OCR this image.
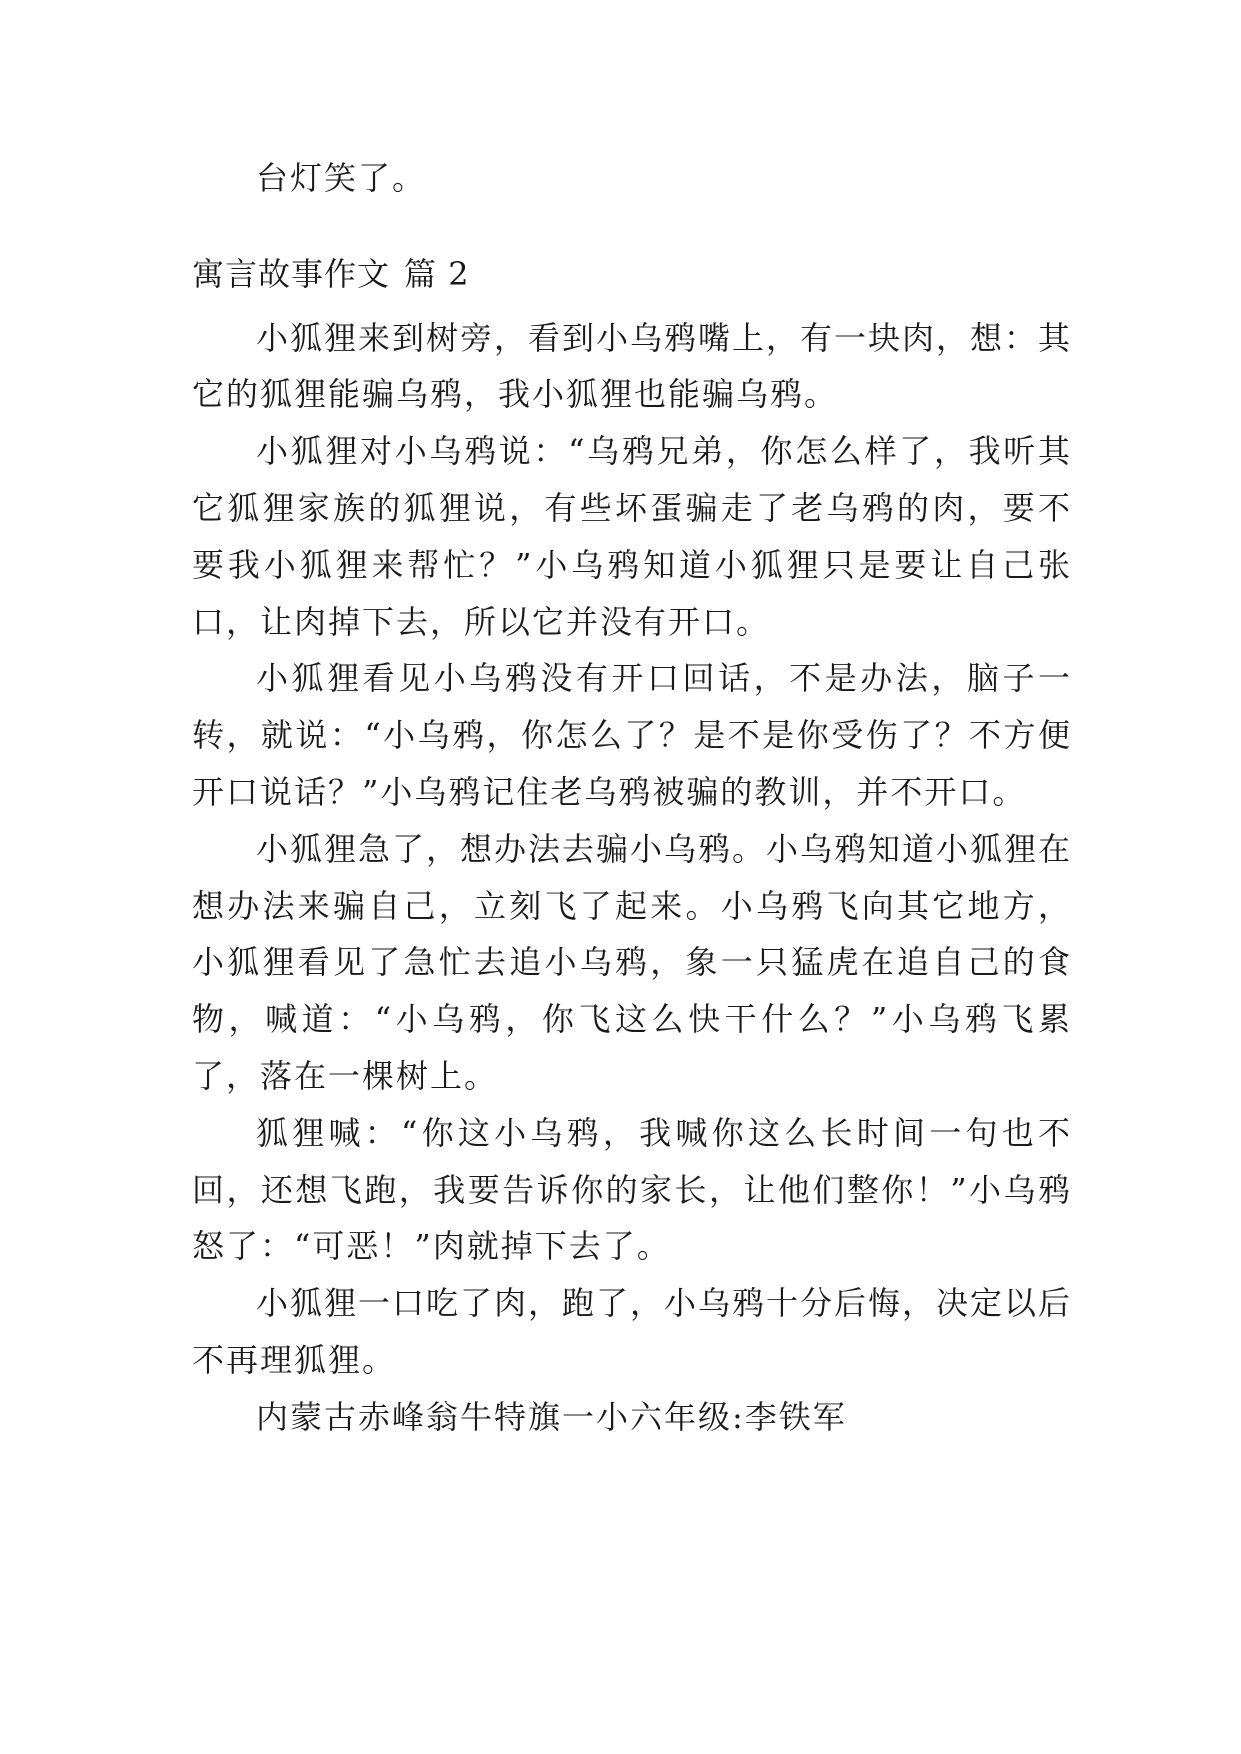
台灯笑了。

寓言故事作文 篇 2

小狐狸来到树旁，看到小乌鸦嘴上，有一块肉，想：其它的狐狸能骗乌鸦，我小狐狸也能骗乌鸦。

小狐狸对小乌鸦说：“乌鸦兄弟，你怎么样了，我听其它狐狸家族的狐狸说，有些坏蛋骗走了老乌鸦的肉，要不要我小狐狸来帮忙？”小乌鸦知道小狐狸只是要让自己张口，让肉掉下去，所以它并没有开口。

小狐狸看见小乌鸦没有开口回话，不是办法，脑子一转，就说：“小乌鸦，你怎么了？是不是你受伤了？不方便开口说话？”小乌鸦记住老乌鸦被骗的教训，并不开口。

小狐狸急了，想办法去骗小乌鸦。小乌鸦知道小狐狸在想办法来骗自己，立刻飞了起来。小乌鸦飞向其它地方，小狐狸看见了急忙去追小乌鸦，象一只猛虎在追自己的食物，喊道：“小乌鸦，你飞这么快干什么？”小乌鸦飞累了，落在一棵树上。

狐狸喊：“你这小乌鸦，我喊你这么长时间一句也不回，还想飞跑，我要告诉你的家长，让他们整你！”小乌鸦怒了：“可恶！”肉就掉下去了。

小狐狸一口吃了肉，跑了，小乌鸦十分后悔，决定以后不再理狐狸。

内蒙古赤峰翁牛特旗一小六年级:李铁军
